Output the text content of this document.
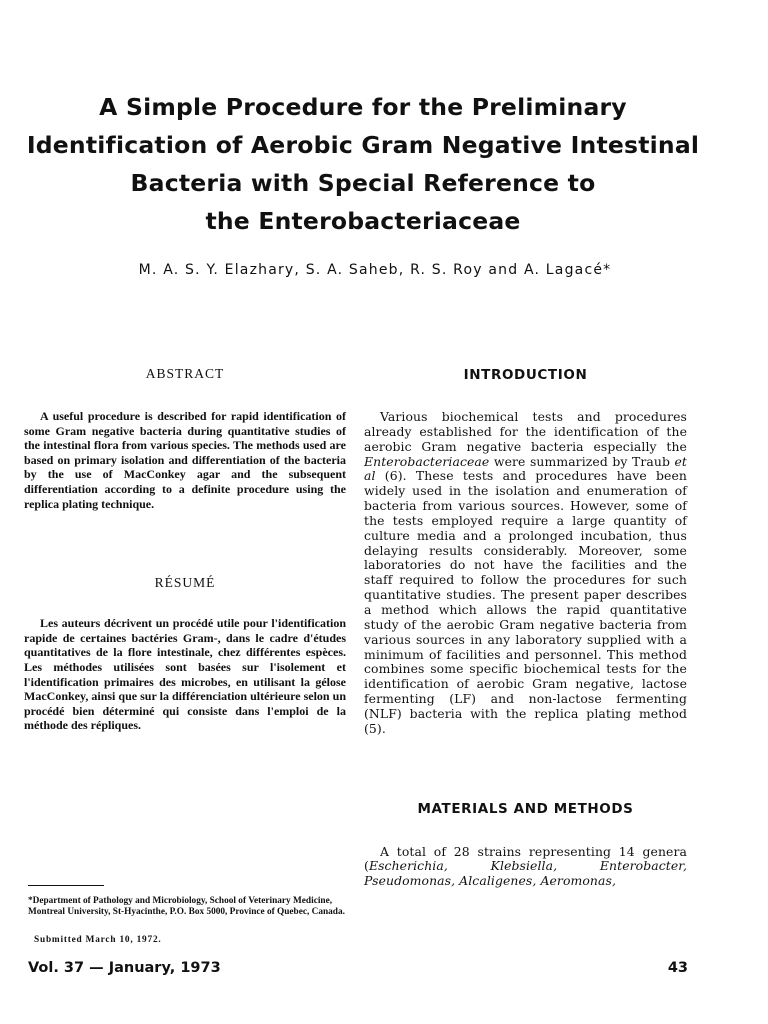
A Simple Procedure for the Preliminary
Identification of Aerobic Gram Negative Intestinal
Bacteria with Special Reference to
the Enterobacteriaceae
M. A. S. Y. Elazhary, S. A. Saheb, R. S. Roy and A. Lagacé*

ABSTRACT

A useful procedure is described for rapid identification of some Gram negative bacteria during quantitative studies of the intestinal flora from various species. The methods used are based on primary isolation and differentiation of the bacteria by the use of MacConkey agar and the subsequent differentiation according to a definite procedure using the replica plating technique.

RÉSUMÉ

Les auteurs décrivent un procédé utile pour l'identification rapide de certaines bactéries Gram-, dans le cadre d'études quantitatives de la flore intestinale, chez différentes espèces. Les méthodes utilisées sont basées sur l'isolement et l'identification primaires des microbes, en utilisant la gélose MacConkey, ainsi que sur la différenciation ultérieure selon un procédé bien déterminé qui consiste dans l'emploi de la méthode des répliques.

*Department of Pathology and Microbiology, School of Veterinary Medicine, Montreal University, St-Hyacinthe, P.O. Box 5000, Province of Quebec, Canada.
Submitted March 10, 1972.

INTRODUCTION

Various biochemical tests and procedures already established for the identification of the aerobic Gram negative bacteria especially the Enterobacteriaceae were summarized by Traub et al (6). These tests and procedures have been widely used in the isolation and enumeration of bacteria from various sources. However, some of the tests employed require a large quantity of culture media and a prolonged incubation, thus delaying results considerably. Moreover, some laboratories do not have the facilities and the staff required to follow the procedures for such quantitative studies. The present paper describes a method which allows the rapid quantitative study of the aerobic Gram negative bacteria from various sources in any laboratory supplied with a minimum of facilities and personnel. This method combines some specific biochemical tests for the identification of aerobic Gram negative, lactose fermenting (LF) and non-lactose fermenting (NLF) bacteria with the replica plating method (5).

MATERIALS AND METHODS

A total of 28 strains representing 14 genera (Escherichia, Klebsiella, Enterobacter, Pseudomonas, Alcaligenes, Aeromonas,

Vol. 37 — January, 1973	43
